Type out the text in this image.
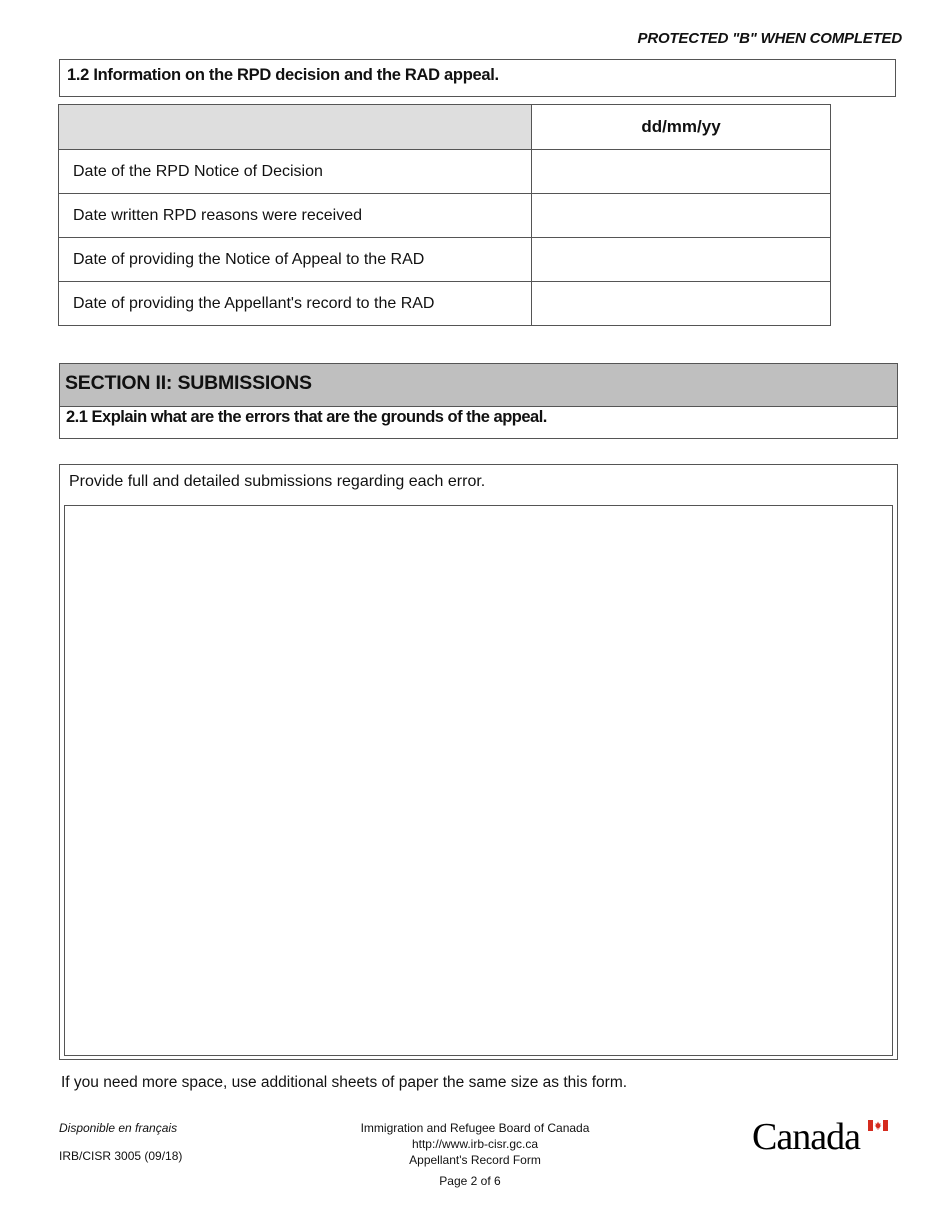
PROTECTED "B" WHEN COMPLETED
1.2 Information on the RPD decision and the RAD appeal.
	dd/mm/yy
Date of the RPD Notice of Decision	
Date written RPD reasons were received	
Date of providing the Notice of Appeal to the RAD	
Date of providing the Appellant's record to the RAD	
SECTION II: SUBMISSIONS
2.1 Explain what are the errors that are the grounds of the appeal.
Provide full and detailed submissions regarding each error.
If you need more space, use additional sheets of paper the same size as this form.
Disponible en français
IRB/CISR 3005 (09/18)
Immigration and Refugee Board of Canada
http://www.irb-cisr.gc.ca
Appellant's Record Form
Page 2 of 6
Canada
